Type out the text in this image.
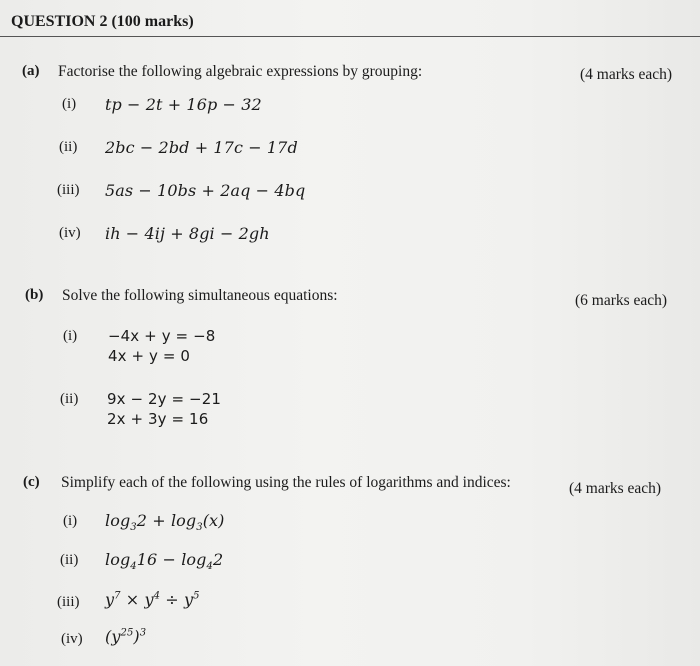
QUESTION 2 (100 marks)
(a) Factorise the following algebraic expressions by grouping:	(4 marks each)
(i) tp − 2t + 16p − 32
(ii) 2bc − 2bd + 17c − 17d
(iii) 5as − 10bs + 2aq − 4bq
(iv) ih − 4ij + 8gi − 2gh
(b) Solve the following simultaneous equations:	(6 marks each)
(i) −4x + y = −8
4x + y = 0
(ii) 9x − 2y = −21
2x + 3y = 16
(c) Simplify each of the following using the rules of logarithms and indices:	(4 marks each)
(i) $\log_32 + \log_3(x)$
(ii) $\log_416 - \log_42$
(iii) $y^7 \times y^4 \div y^5$
(iv) $(y^{25})^3$
